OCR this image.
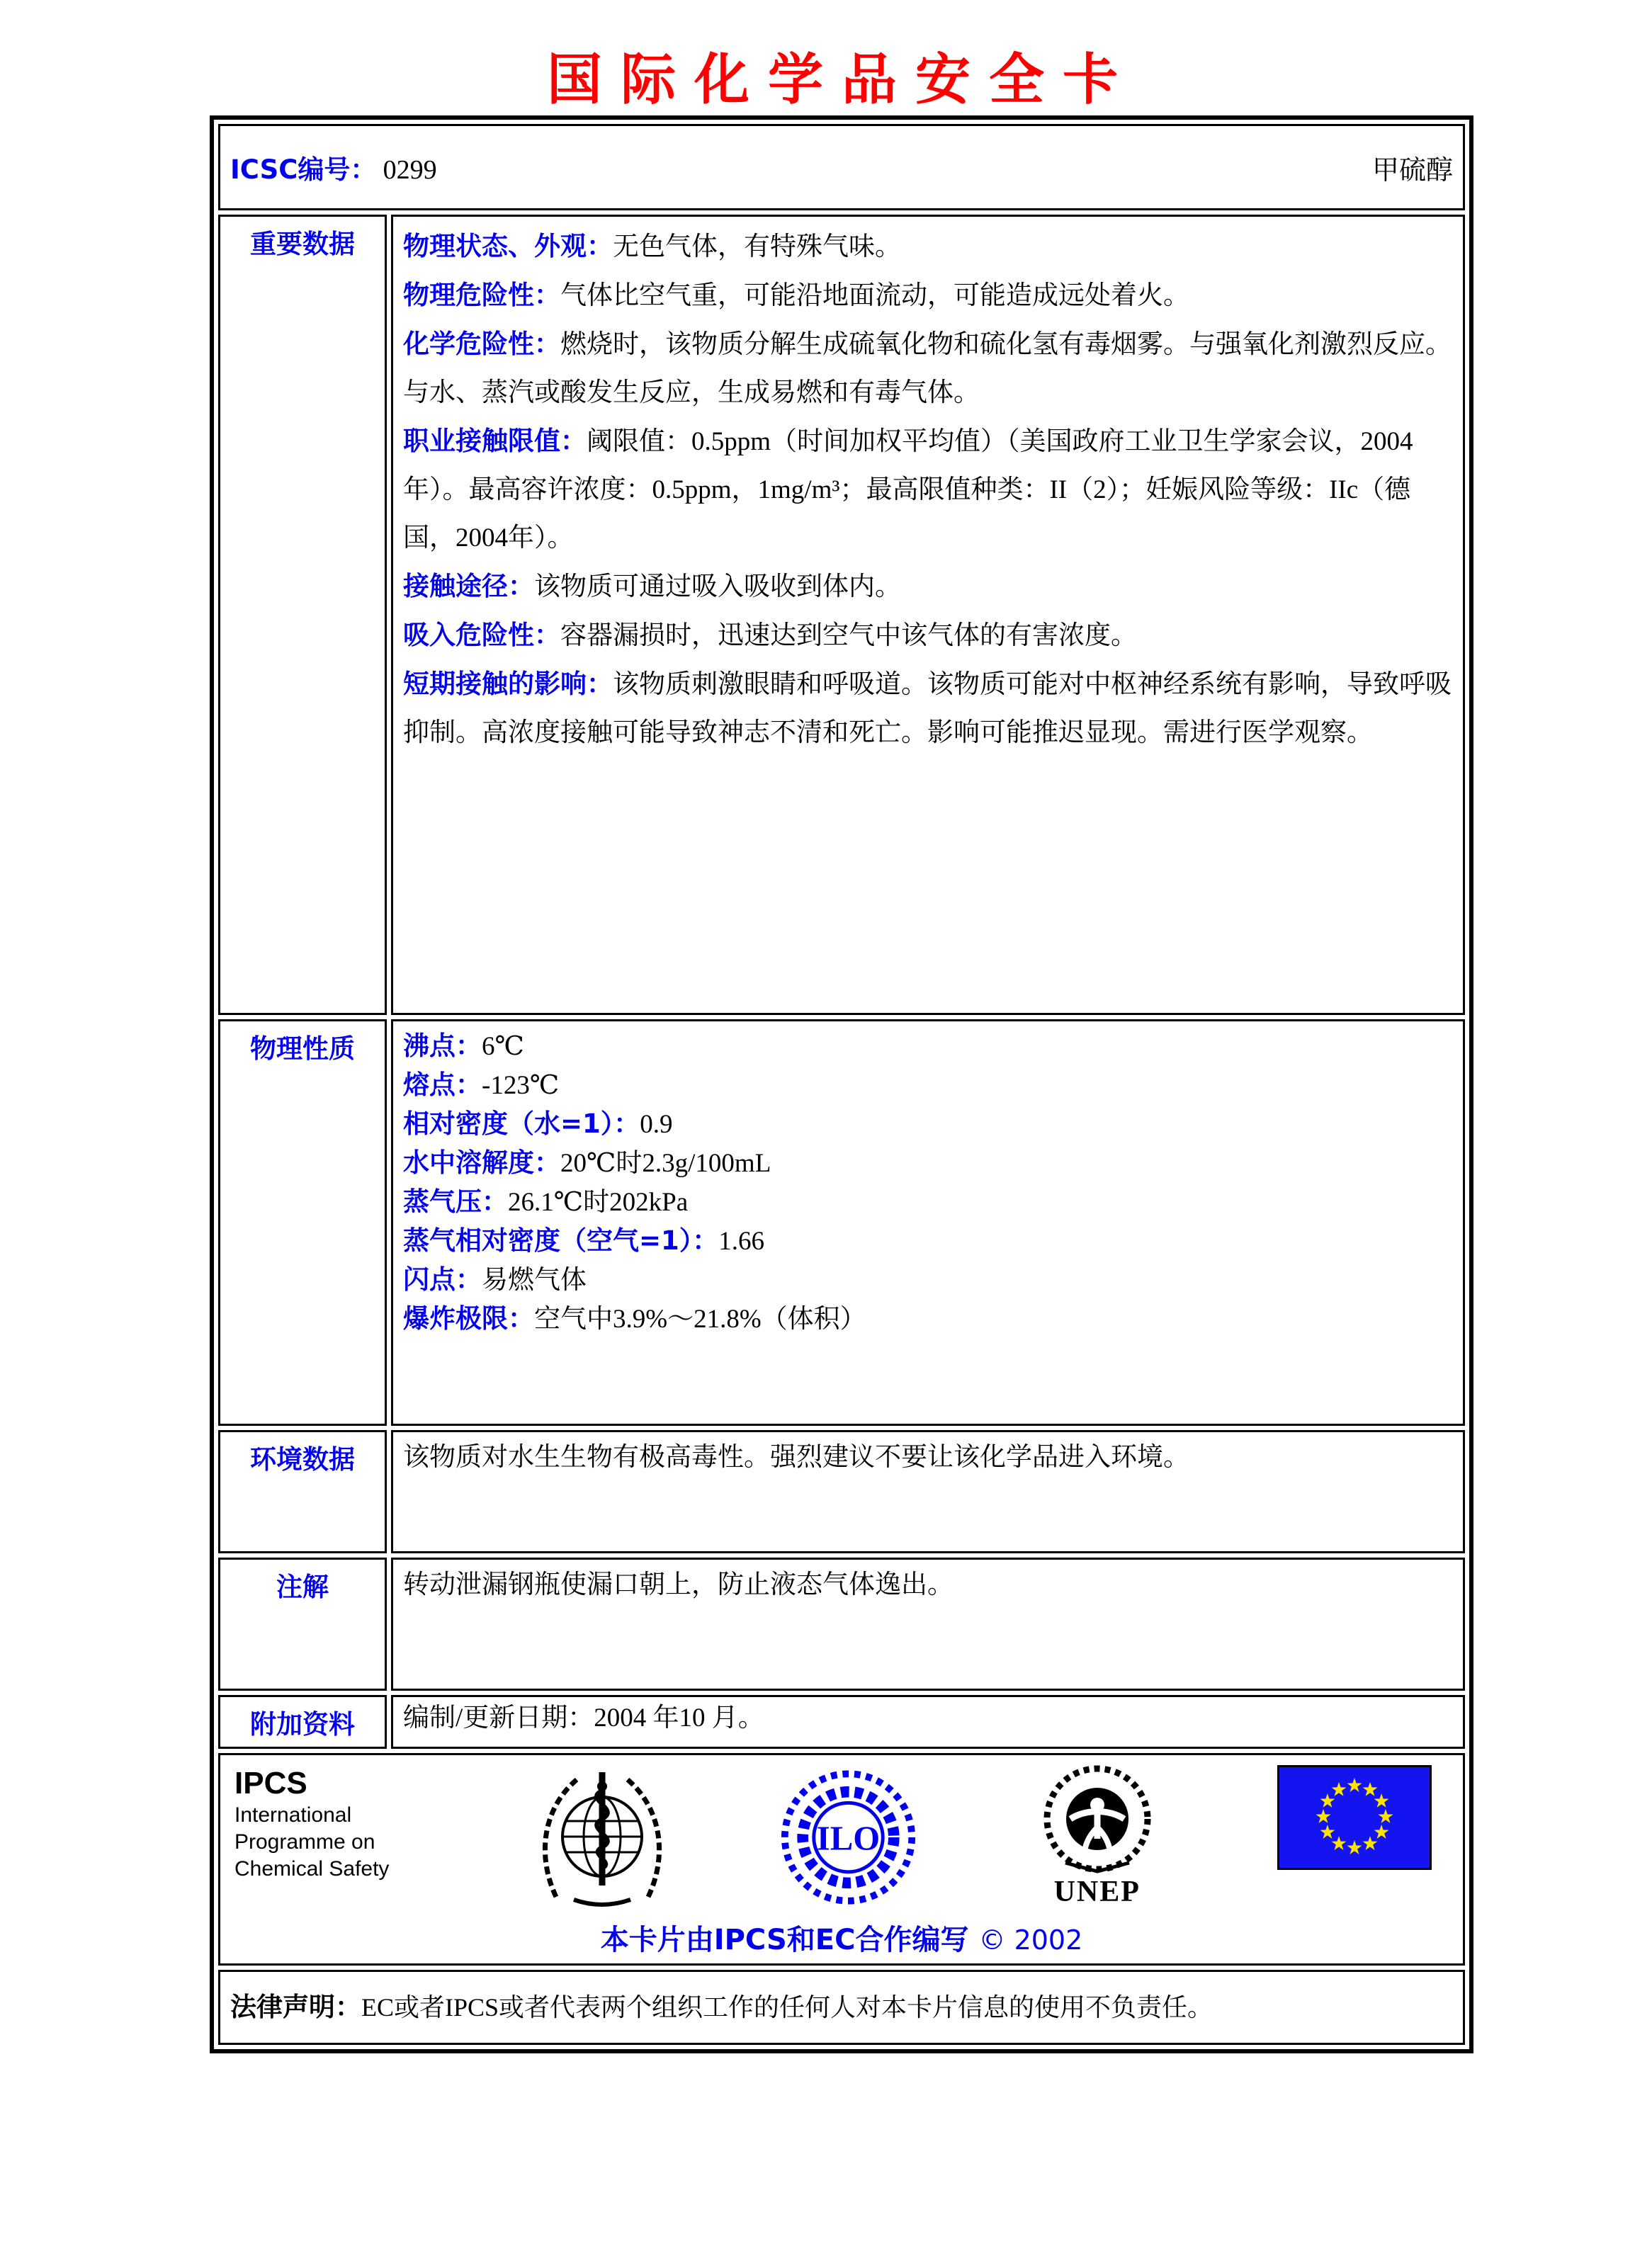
国际化学品安全卡
ICSC编号： 0299 甲硫醇	

重要数据	物理状态、外观：无色气体，有特殊气味。
物理危险性：气体比空气重，可能沿地面流动，可能造成远处着火。
化学危险性：燃烧时，该物质分解生成硫氧化物和硫化氢有毒烟雾。与强氧化剂激烈反应。与水、蒸汽或酸发生反应，生成易燃和有毒气体。
职业接触限值：阈限值：0.5ppm（时间加权平均值）（美国政府工业卫生学家会议，2004年）。最高容许浓度：0.5ppm，1mg/m³；最高限值种类：II（2）；妊娠风险等级：IIc（德国，2004年）。
接触途径：该物质可通过吸入吸收到体内。
吸入危险性：容器漏损时，迅速达到空气中该气体的有害浓度。
短期接触的影响：该物质刺激眼睛和呼吸道。该物质可能对中枢神经系统有影响，导致呼吸抑制。高浓度接触可能导致神志不清和死亡。影响可能推迟显现。需进行医学观察。

物理性质	沸点：6℃
熔点：-123℃
相对密度（水=1）：0.9
水中溶解度：20℃时2.3g/100mL
蒸气压：26.1℃时202kPa
蒸气相对密度（空气=1）：1.66
闪点：易燃气体
爆炸极限：空气中3.9%～21.8%（体积）

环境数据	该物质对水生生物有极高毒性。强烈建议不要让该化学品进入环境。
注解	转动泄漏钢瓶使漏口朝上，防止液态气体逸出。
附加资料	编制/更新日期：2004 年10 月。

IPCS
International
Programme on
Chemical Safety
ILO
UNEP
本卡片由IPCS和EC合作编写 © 2002

法律声明：EC或者IPCS或者代表两个组织工作的任何人对本卡片信息的使用不负责任。	
